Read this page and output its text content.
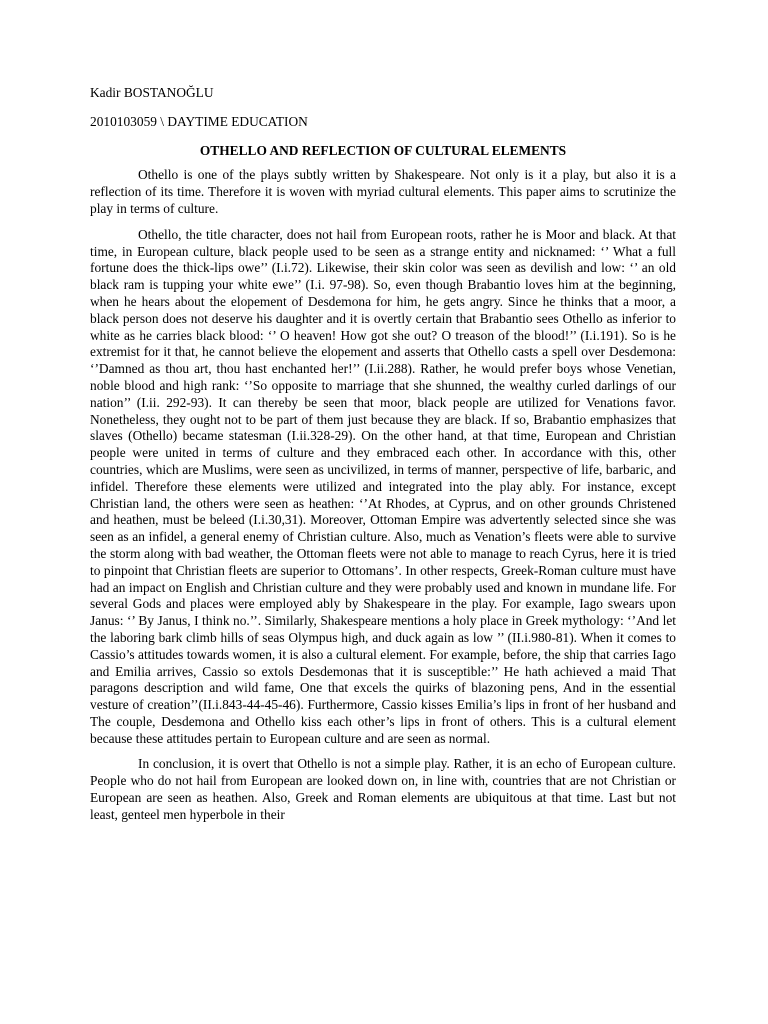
Kadir BOSTANOĞLU

2010103059 \ DAYTIME EDUCATION

OTHELLO AND REFLECTION OF CULTURAL ELEMENTS

Othello is one of the plays subtly written by Shakespeare. Not only is it a play, but also it is a reflection of its time. Therefore it is woven with myriad cultural elements. This paper aims to scrutinize the play in terms of culture.

Othello, the title character, does not hail from European roots, rather he is Moor and black. At that time, in European culture, black people used to be seen as a strange entity and nicknamed: ‘’ What a full fortune does the thick-lips owe’’ (I.i.72). Likewise, their skin color was seen as devilish and low: ‘’ an old black ram is tupping your white ewe’’ (I.i. 97-98). So, even though Brabantio loves him at the beginning, when he hears about the elopement of Desdemona for him, he gets angry. Since he thinks that a moor, a black person does not deserve his daughter and it is overtly certain that Brabantio sees Othello as inferior to white as he carries black blood: ‘’ O heaven! How got she out? O treason of the blood!’’ (I.i.191). So is he extremist for it that, he cannot believe the elopement and asserts that Othello casts a spell over Desdemona: ‘’Damned as thou art, thou hast enchanted her!’’ (I.ii.288). Rather, he would prefer boys whose Venetian, noble blood and high rank: ‘’So opposite to marriage that she shunned, the wealthy curled darlings of our nation’’ (I.ii. 292-93). It can thereby be seen that moor, black people are utilized for Venations favor. Nonetheless, they ought not to be part of them just because they are black. If so, Brabantio emphasizes that slaves (Othello) became statesman (I.ii.328-29). On the other hand, at that time, European and Christian people were united in terms of culture and they embraced each other. In accordance with this, other countries, which are Muslims, were seen as uncivilized, in terms of manner, perspective of life, barbaric, and infidel. Therefore these elements were utilized and integrated into the play ably. For instance, except Christian land, the others were seen as heathen: ‘’At Rhodes, at Cyprus, and on other grounds Christened and heathen, must be beleed (I.i.30,31). Moreover, Ottoman Empire was advertently selected since she was seen as an infidel, a general enemy of Christian culture. Also, much as Venation’s fleets were able to survive the storm along with bad weather, the Ottoman fleets were not able to manage to reach Cyrus, here it is tried to pinpoint that Christian fleets are superior to Ottomans’. In other respects, Greek-Roman culture must have had an impact on English and Christian culture and they were probably used and known in mundane life. For several Gods and places were employed ably by Shakespeare in the play. For example, Iago swears upon Janus: ‘’ By Janus, I think no.’’. Similarly, Shakespeare mentions a holy place in Greek mythology: ‘’And let the laboring bark climb hills of seas Olympus high, and duck again as low ’’ (II.i.980-81). When it comes to Cassio’s attitudes towards women, it is also a cultural element. For example, before, the ship that carries Iago and Emilia arrives, Cassio so extols Desdemonas that it is susceptible:’’ He hath achieved a maid That paragons description and wild fame, One that excels the quirks of blazoning pens, And in the essential vesture of creation’’(II.i.843-44-45-46). Furthermore, Cassio kisses Emilia’s lips in front of her husband and The couple, Desdemona and Othello kiss each other’s lips in front of others. This is a cultural element because these attitudes pertain to European culture and are seen as normal.

In conclusion, it is overt that Othello is not a simple play. Rather, it is an echo of European culture. People who do not hail from European are looked down on, in line with, countries that are not Christian or European are seen as heathen. Also, Greek and Roman elements are ubiquitous at that time. Last but not least, genteel men hyperbole in their
